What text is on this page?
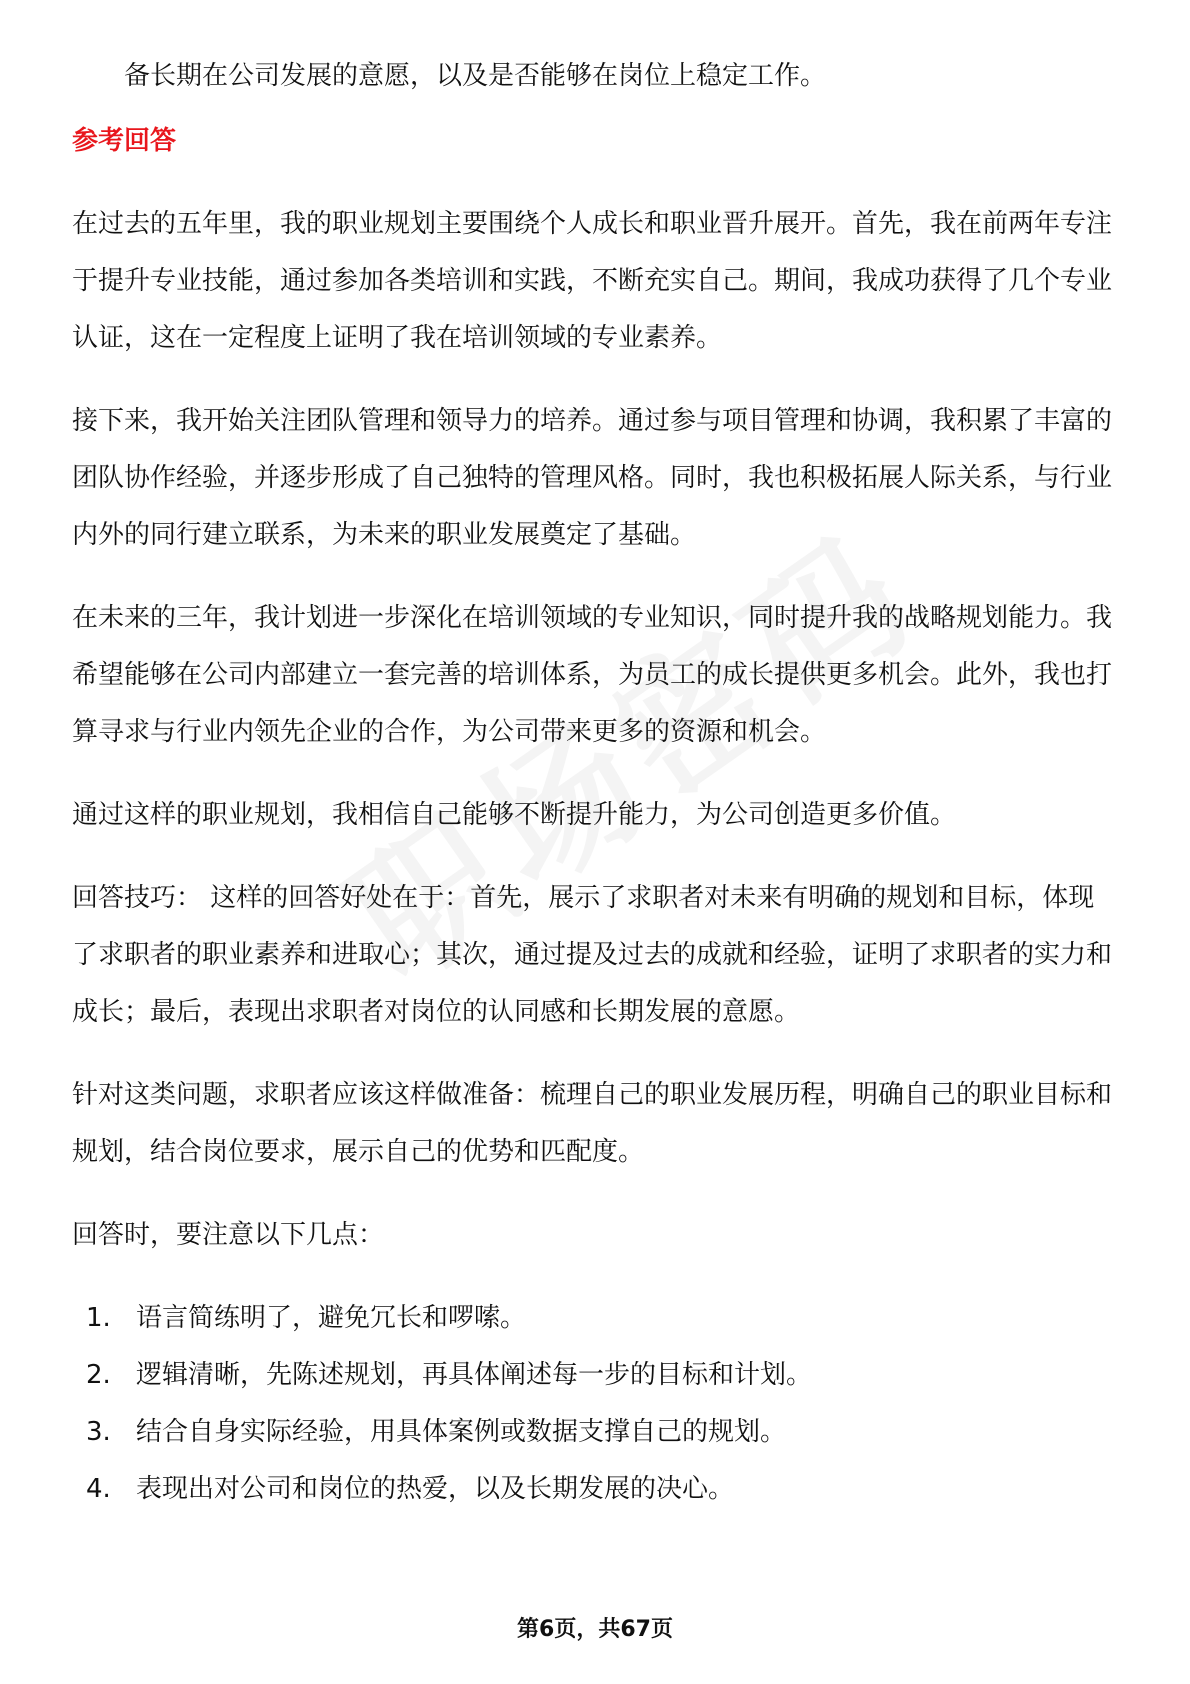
备长期在公司发展的意愿，以及是否能够在岗位上稳定工作。

参考回答

在过去的五年里，我的职业规划主要围绕个人成长和职业晋升展开。首先，我在前两年专注于提升专业技能，通过参加各类培训和实践，不断充实自己。期间，我成功获得了几个专业认证，这在一定程度上证明了我在培训领域的专业素养。

接下来，我开始关注团队管理和领导力的培养。通过参与项目管理和协调，我积累了丰富的团队协作经验，并逐步形成了自己独特的管理风格。同时，我也积极拓展人际关系，与行业内外的同行建立联系，为未来的职业发展奠定了基础。

在未来的三年，我计划进一步深化在培训领域的专业知识，同时提升我的战略规划能力。我希望能够在公司内部建立一套完善的培训体系，为员工的成长提供更多机会。此外，我也打算寻求与行业内领先企业的合作，为公司带来更多的资源和机会。

通过这样的职业规划，我相信自己能够不断提升能力，为公司创造更多价值。

回答技巧： 这样的回答好处在于：首先，展示了求职者对未来有明确的规划和目标，体现了求职者的职业素养和进取心；其次，通过提及过去的成就和经验，证明了求职者的实力和成长；最后，表现出求职者对岗位的认同感和长期发展的意愿。

针对这类问题，求职者应该这样做准备：梳理自己的职业发展历程，明确自己的职业目标和规划，结合岗位要求，展示自己的优势和匹配度。

回答时，要注意以下几点：

1. 语言简练明了，避免冗长和啰嗦。
2. 逻辑清晰，先陈述规划，再具体阐述每一步的目标和计划。
3. 结合自身实际经验，用具体案例或数据支撑自己的规划。
4. 表现出对公司和岗位的热爱，以及长期发展的决心。
第6页，共67页
